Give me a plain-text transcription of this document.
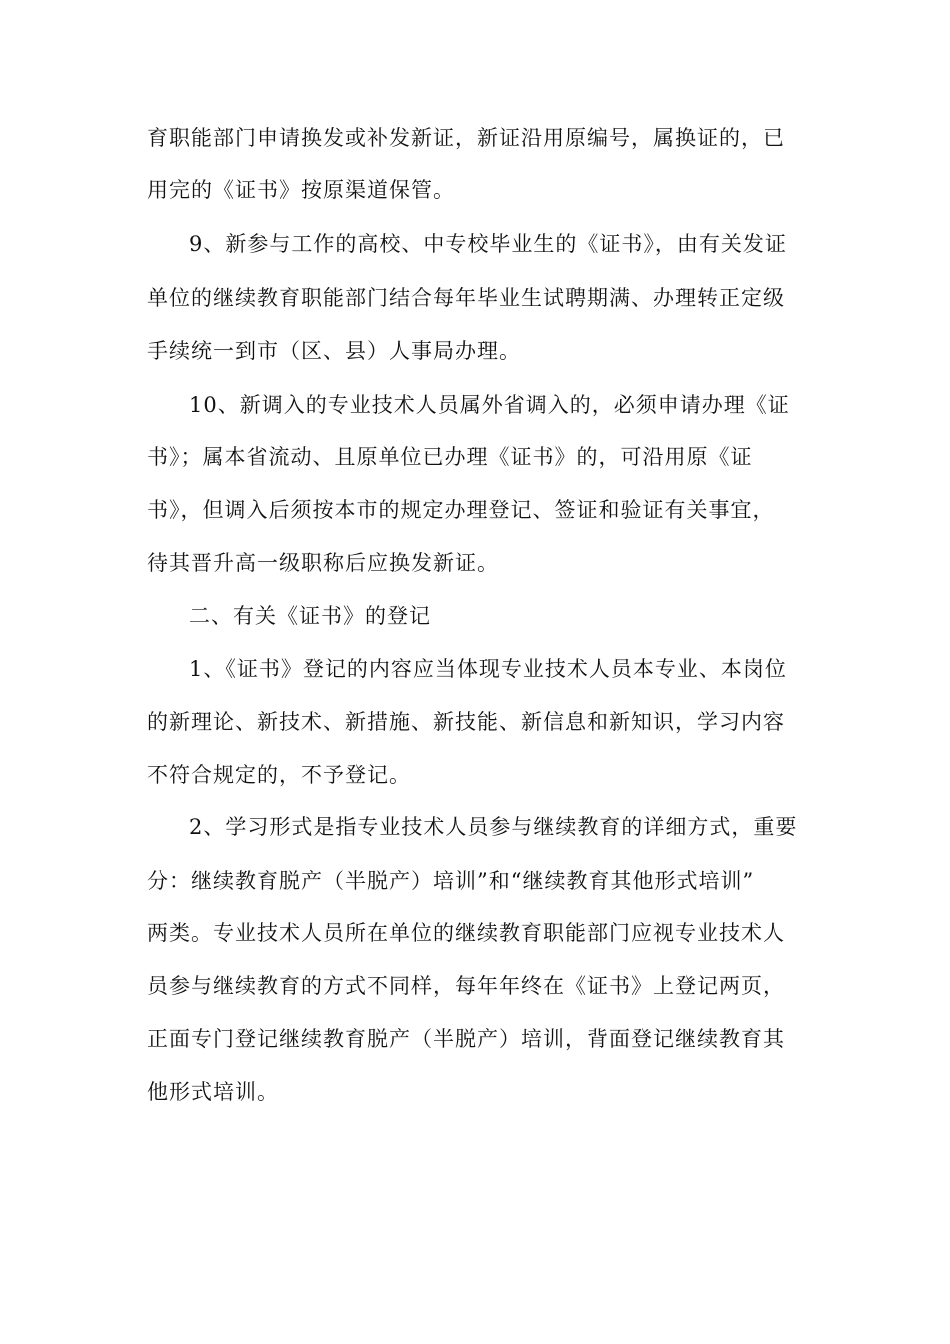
育职能部门申请换发或补发新证，新证沿用原编号，属换证的，已
用完的《证书》按原渠道保管。
9、新参与工作的高校、中专校毕业生的《证书》，由有关发证
单位的继续教育职能部门结合每年毕业生试聘期满、办理转正定级
手续统一到市（区、县）人事局办理。
10、新调入的专业技术人员属外省调入的，必须申请办理《证
书》；属本省流动、且原单位已办理《证书》的，可沿用原《证
书》，但调入后须按本市的规定办理登记、签证和验证有关事宜，
待其晋升高一级职称后应换发新证。
二、有关《证书》的登记
1、《证书》登记的内容应当体现专业技术人员本专业、本岗位
的新理论、新技术、新措施、新技能、新信息和新知识，学习内容
不符合规定的，不予登记。
2、学习形式是指专业技术人员参与继续教育的详细方式，重要
分：继续教育脱产（半脱产）培训”和“继续教育其他形式培训”
两类。专业技术人员所在单位的继续教育职能部门应视专业技术人
员参与继续教育的方式不同样，每年年终在《证书》上登记两页，
正面专门登记继续教育脱产（半脱产）培训，背面登记继续教育其
他形式培训。
